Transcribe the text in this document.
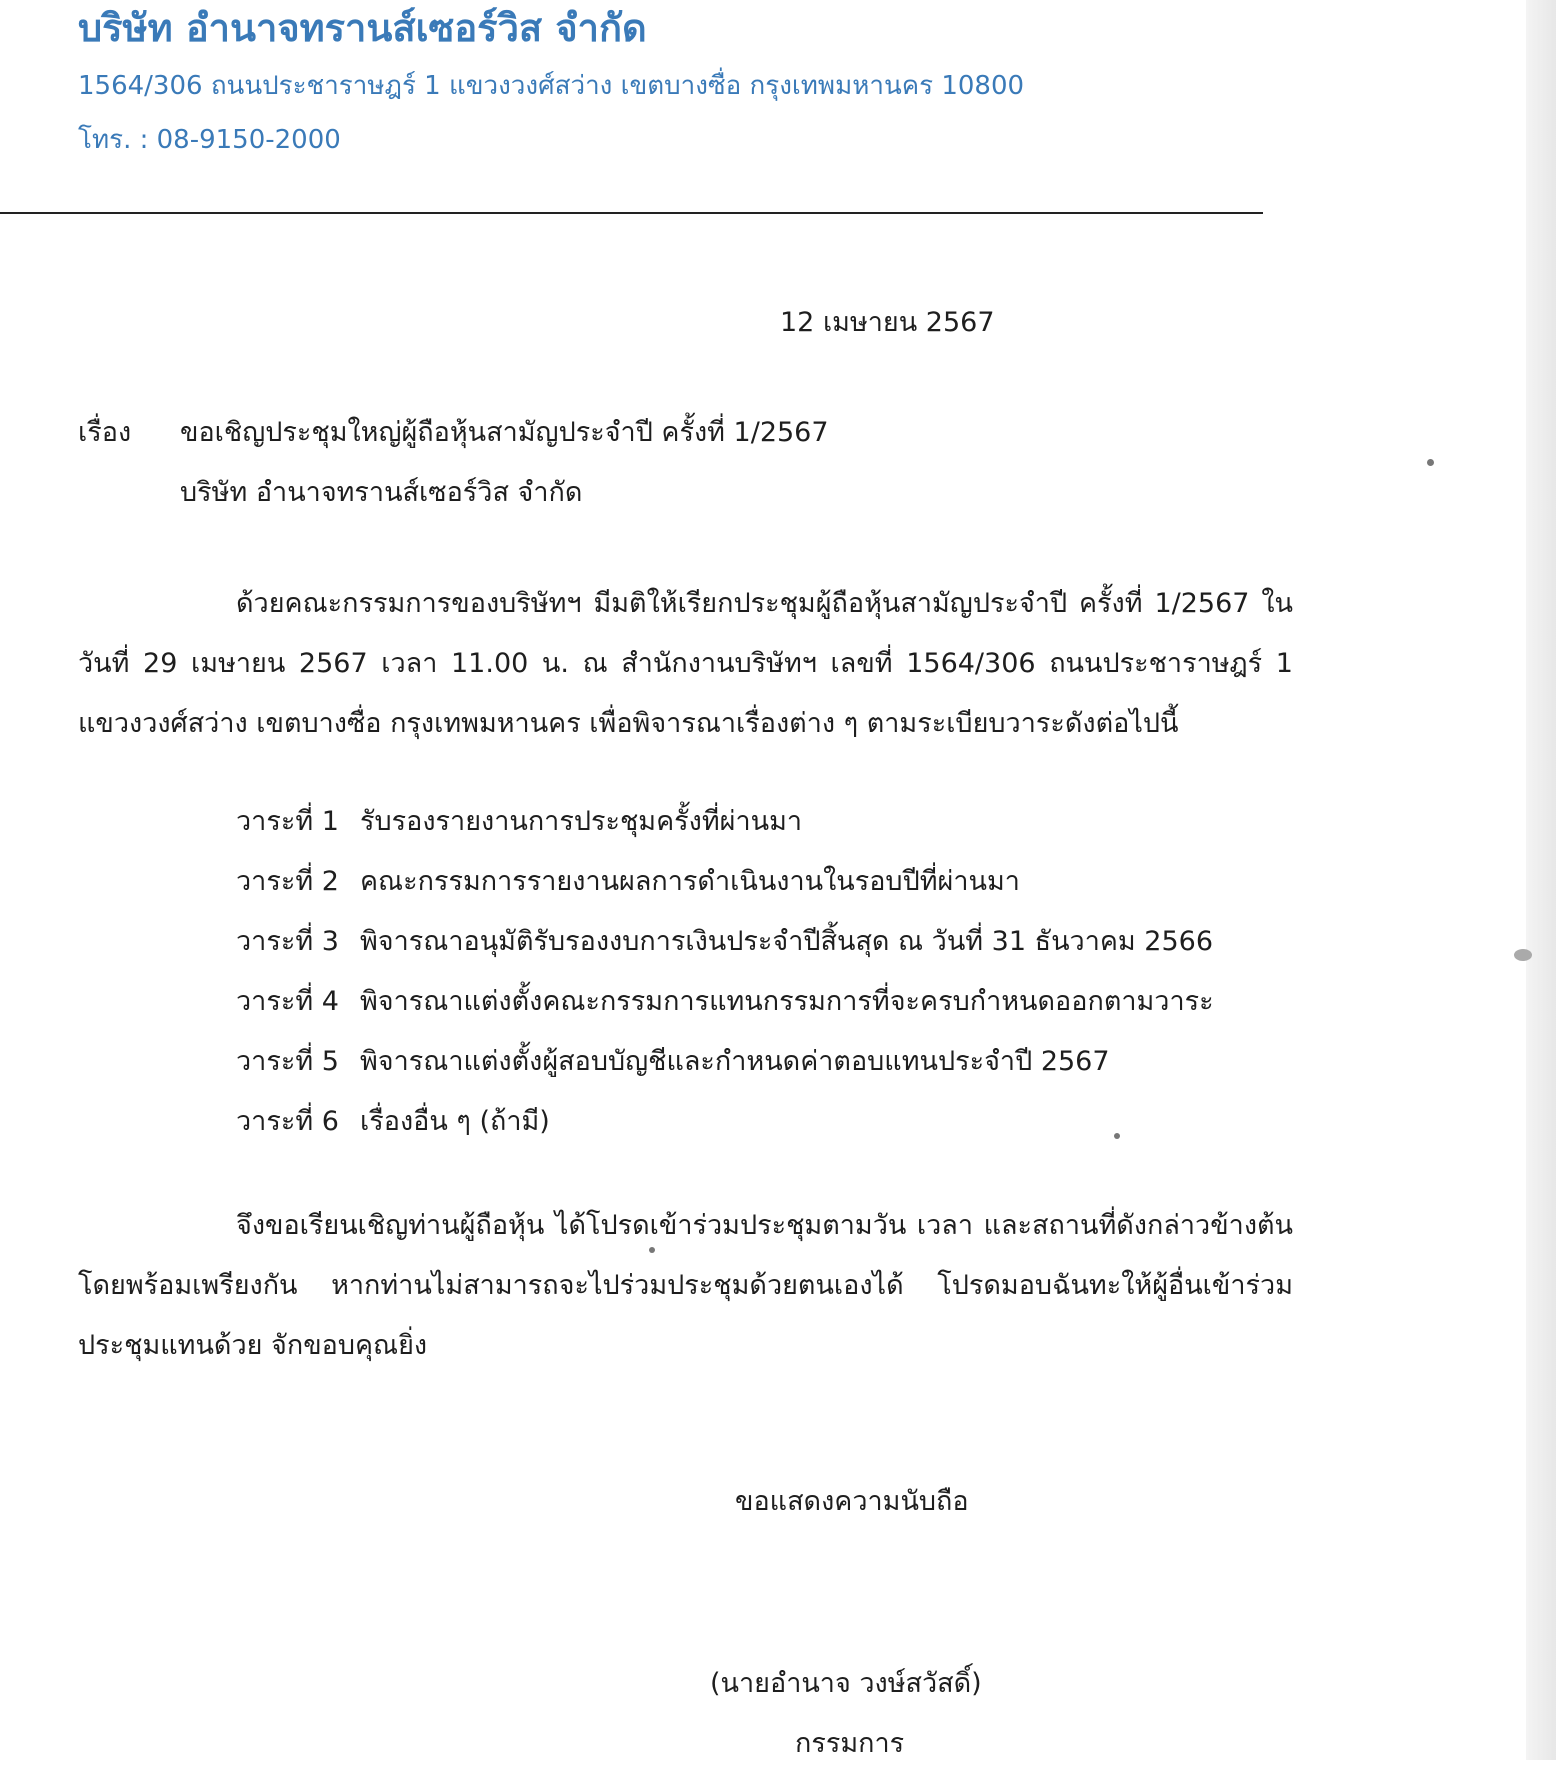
บริษัท อำนาจทรานส์เซอร์วิส จำกัด
1564/306 ถนนประชาราษฎร์ 1 แขวงวงศ์สว่าง เขตบางซื่อ กรุงเทพมหานคร 10800
โทร. : 08-9150-2000
12 เมษายน 2567
เรื่อง ขอเชิญประชุมใหญ่ผู้ถือหุ้นสามัญประจำปี ครั้งที่ 1/2567
บริษัท อำนาจทรานส์เซอร์วิส จำกัด
ด้วยคณะกรรมการของบริษัทฯ มีมติให้เรียกประชุมผู้ถือหุ้นสามัญประจำปี ครั้งที่ 1/2567 ในวันที่ 29 เมษายน 2567 เวลา 11.00 น. ณ สำนักงานบริษัทฯ เลขที่ 1564/306 ถนนประชาราษฎร์ 1 แขวงวงศ์สว่าง เขตบางซื่อ กรุงเทพมหานคร เพื่อพิจารณาเรื่องต่าง ๆ ตามระเบียบวาระดังต่อไปนี้
วาระที่ 1 รับรองรายงานการประชุมครั้งที่ผ่านมา
วาระที่ 2 คณะกรรมการรายงานผลการดำเนินงานในรอบปีที่ผ่านมา
วาระที่ 3 พิจารณาอนุมัติรับรองงบการเงินประจำปีสิ้นสุด ณ วันที่ 31 ธันวาคม 2566
วาระที่ 4 พิจารณาแต่งตั้งคณะกรรมการแทนกรรมการที่จะครบกำหนดออกตามวาระ
วาระที่ 5 พิจารณาแต่งตั้งผู้สอบบัญชีและกำหนดค่าตอบแทนประจำปี 2567
วาระที่ 6 เรื่องอื่น ๆ (ถ้ามี)
จึงขอเรียนเชิญท่านผู้ถือหุ้น ได้โปรดเข้าร่วมประชุมตามวัน เวลา และสถานที่ดังกล่าวข้างต้นโดยพร้อมเพรียงกัน หากท่านไม่สามารถจะไปร่วมประชุมด้วยตนเองได้ โปรดมอบฉันทะให้ผู้อื่นเข้าร่วมประชุมแทนด้วย จักขอบคุณยิ่ง
ขอแสดงความนับถือ
(นายอำนาจ วงษ์สวัสดิ์)
กรรมการ
